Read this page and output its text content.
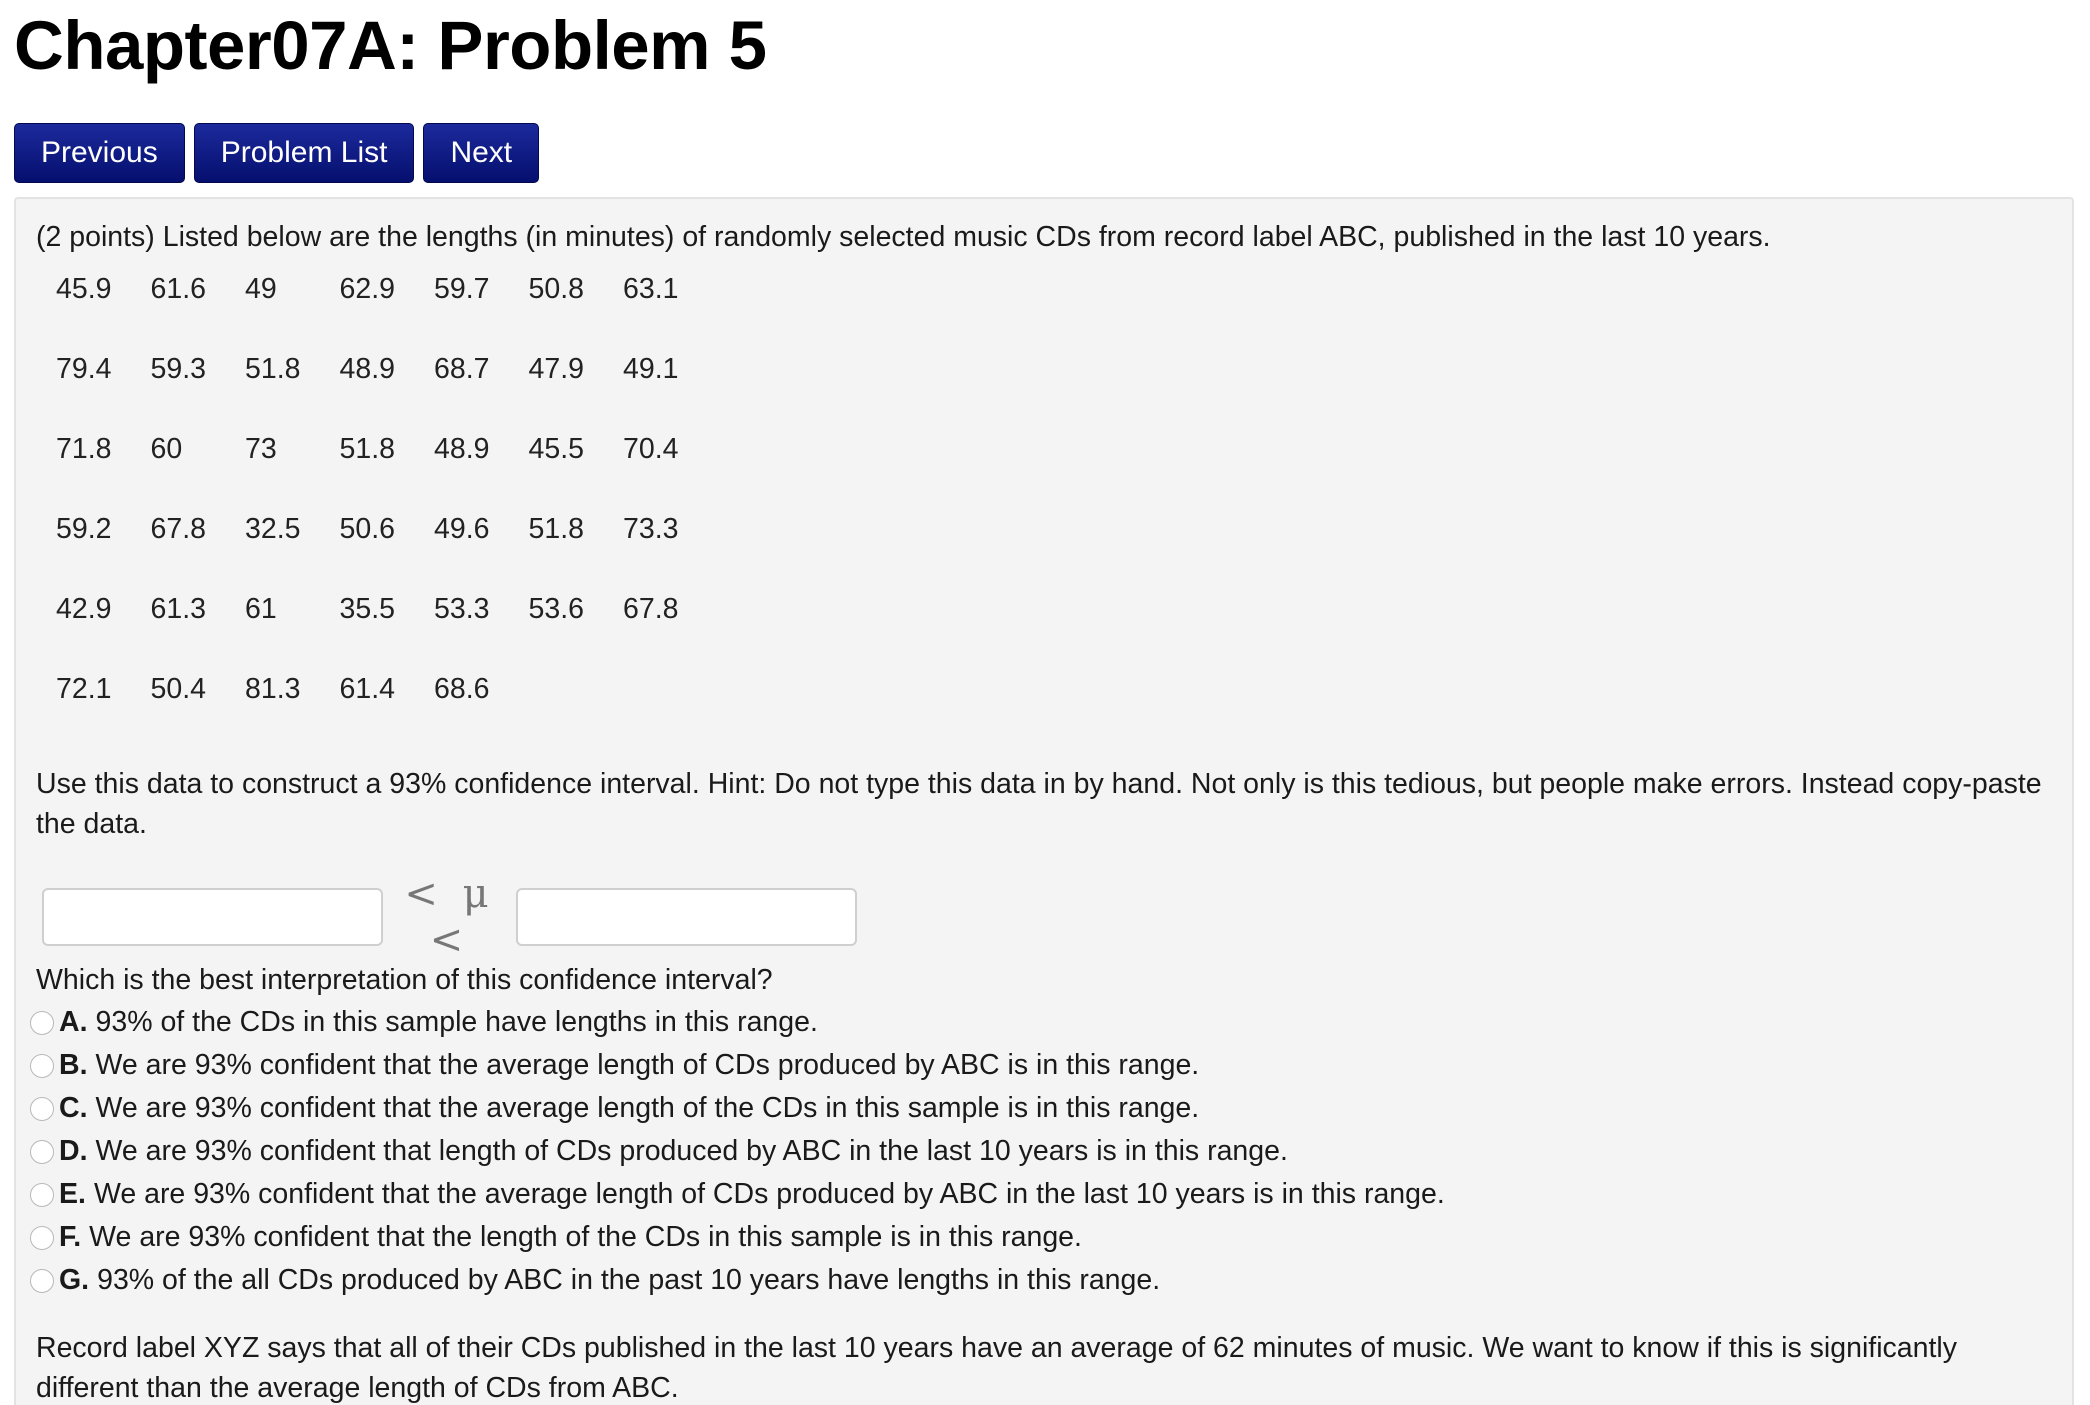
Chapter07A: Problem 5
Previous	Problem List	Next
(2 points) Listed below are the lengths (in minutes) of randomly selected music CDs from record label ABC, published in the last 10 years.
45.9	61.6	49	62.9	59.7	50.8	63.1
79.4	59.3	51.8	48.9	68.7	47.9	49.1
71.8	60	73	51.8	48.9	45.5	70.4
59.2	67.8	32.5	50.6	49.6	51.8	73.3
42.9	61.3	61	35.5	53.3	53.6	67.8
72.1	50.4	81.3	61.4	68.6
Use this data to construct a 93% confidence interval. Hint: Do not type this data in by hand. Not only is this tedious, but people make errors. Instead copy-paste the data.
< μ <
Which is the best interpretation of this confidence interval?
A. 93% of the CDs in this sample have lengths in this range.
B. We are 93% confident that the average length of CDs produced by ABC is in this range.
C. We are 93% confident that the average length of the CDs in this sample is in this range.
D. We are 93% confident that length of CDs produced by ABC in the last 10 years is in this range.
E. We are 93% confident that the average length of CDs produced by ABC in the last 10 years is in this range.
F. We are 93% confident that the length of the CDs in this sample is in this range.
G. 93% of the all CDs produced by ABC in the past 10 years have lengths in this range.
Record label XYZ says that all of their CDs published in the last 10 years have an average of 62 minutes of music. We want to know if this is significantly different than the average length of CDs from ABC.
